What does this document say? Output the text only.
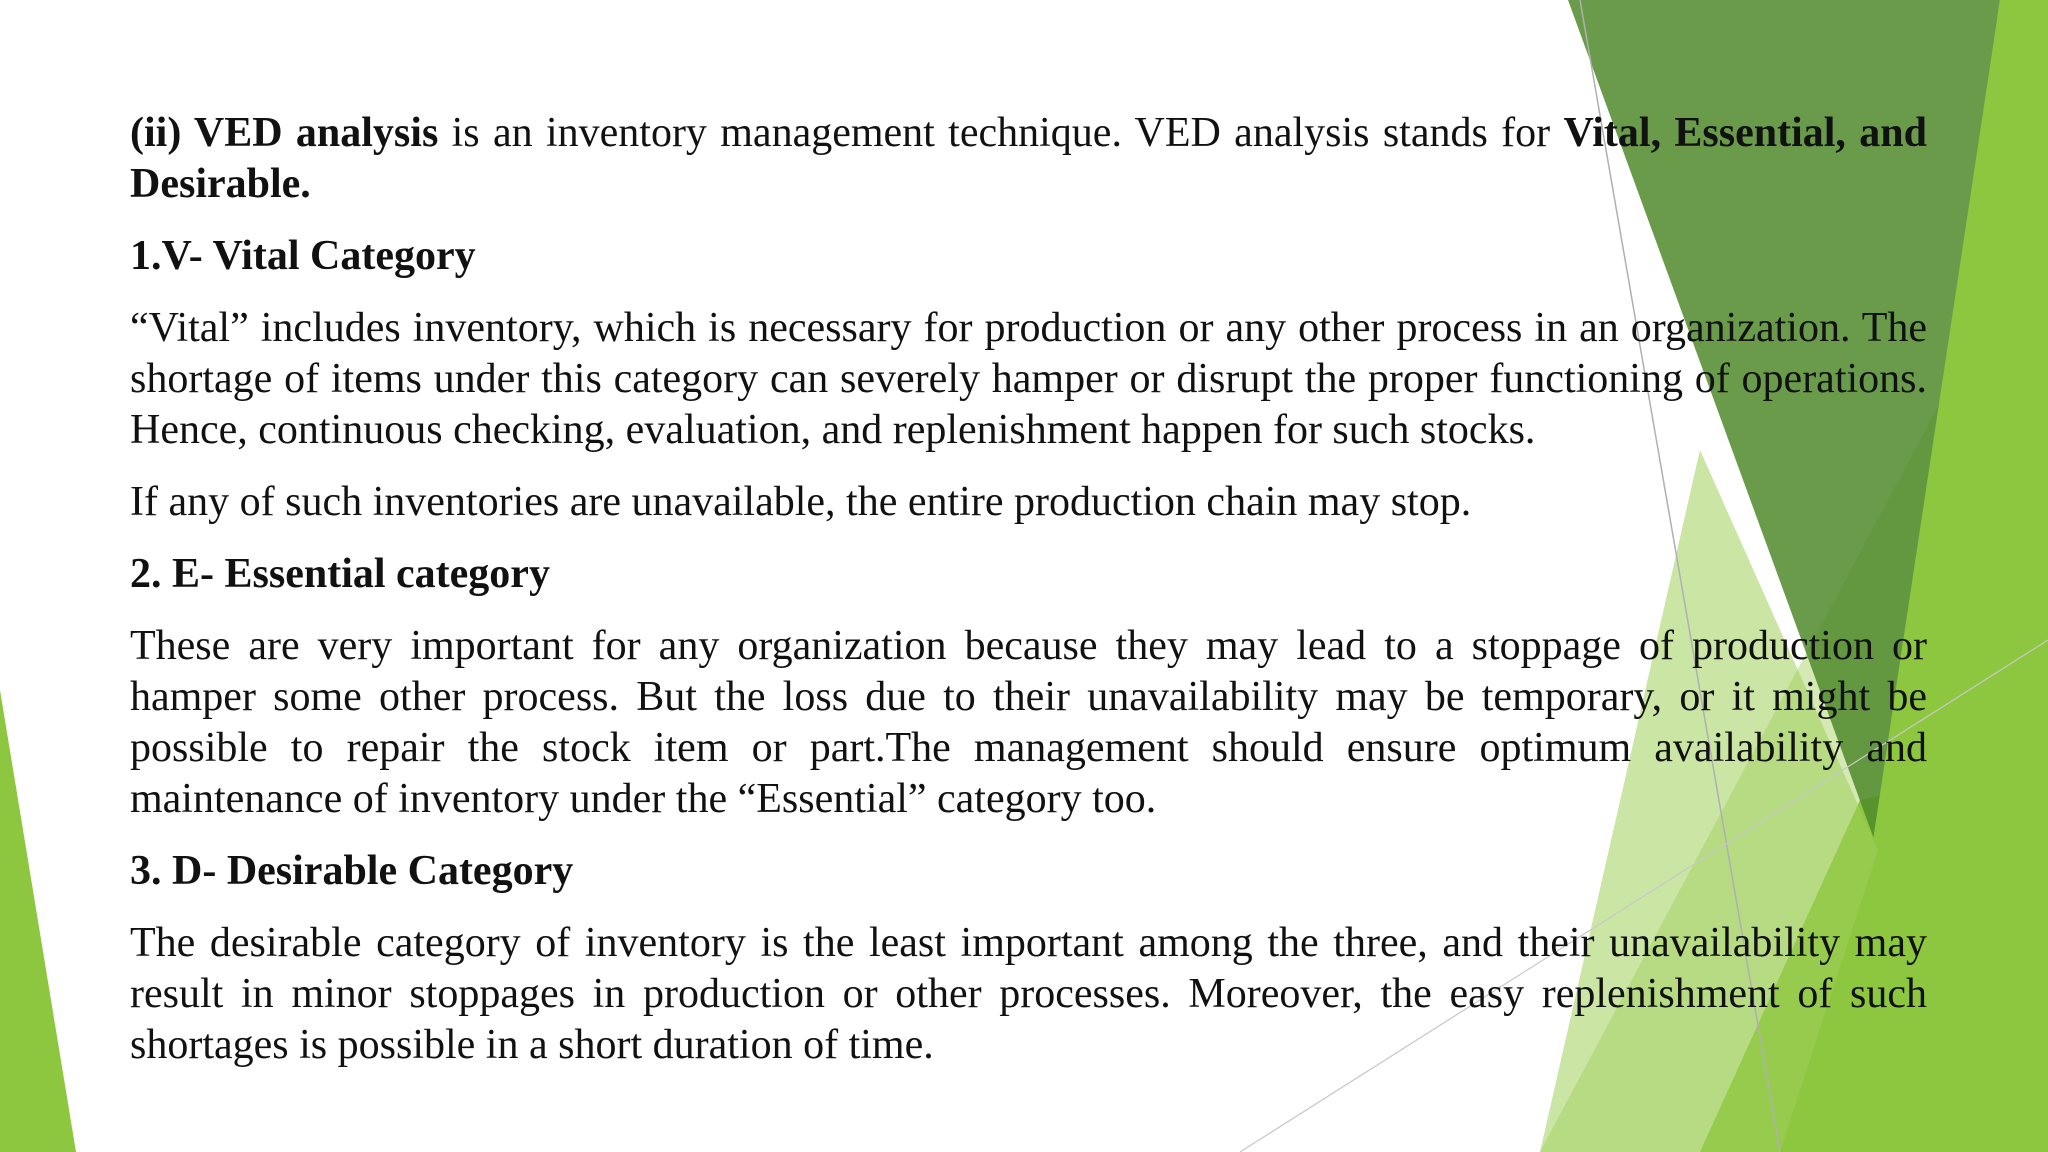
(ii) VED analysis is an inventory management technique. VED analysis stands for Vital, Essential, and Desirable.

1.V- Vital Category

“Vital” includes inventory, which is necessary for production or any other process in an organization. The shortage of items under this category can severely hamper or disrupt the proper functioning of operations. Hence, continuous checking, evaluation, and replenishment happen for such stocks.

If any of such inventories are unavailable, the entire production chain may stop.

2. E- Essential category

These are very important for any organization because they may lead to a stoppage of production or hamper some other process. But the loss due to their unavailability may be temporary, or it might be possible to repair the stock item or part.The management should ensure optimum availability and maintenance of inventory under the “Essential” category too.

3. D- Desirable Category

The desirable category of inventory is the least important among the three, and their unavailability may result in minor stoppages in production or other processes. Moreover, the easy replenishment of such shortages is possible in a short duration of time.
